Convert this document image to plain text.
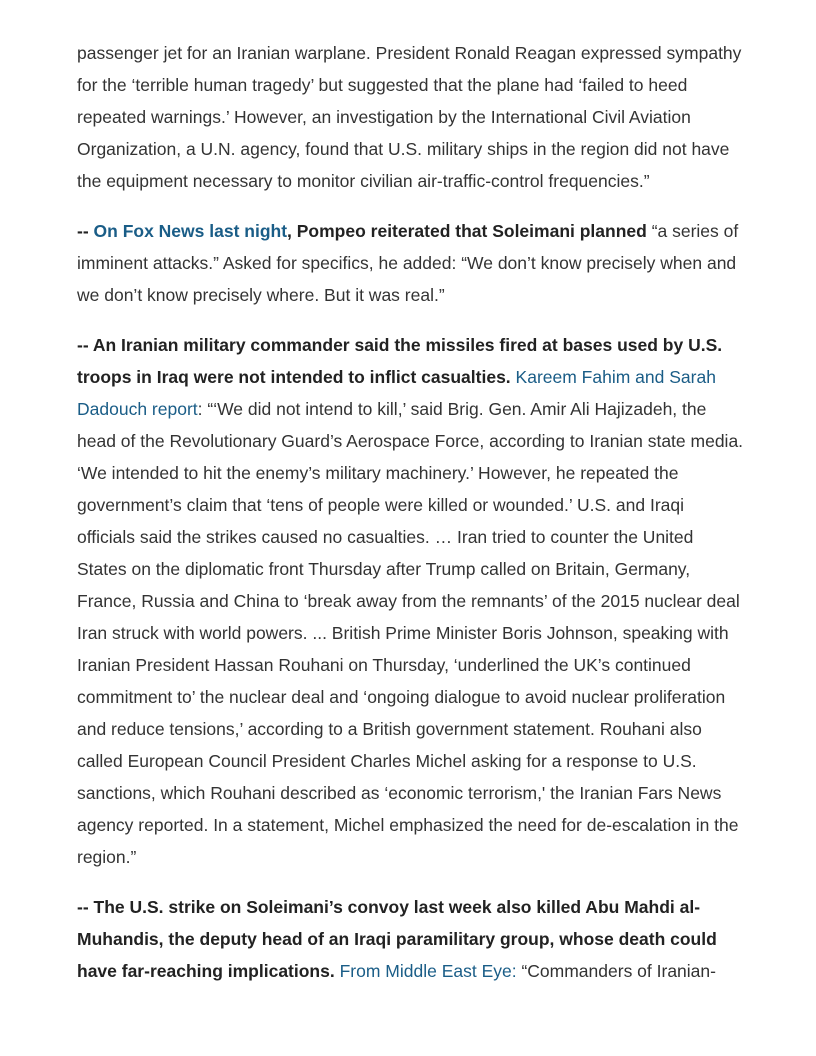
passenger jet for an Iranian warplane. President Ronald Reagan expressed sympathy for the ‘terrible human tragedy’ but suggested that the plane had ‘failed to heed repeated warnings.’ However, an investigation by the International Civil Aviation Organization, a U.N. agency, found that U.S. military ships in the region did not have the equipment necessary to monitor civilian air-traffic-control frequencies.”

-- On Fox News last night, Pompeo reiterated that Soleimani planned “a series of imminent attacks.” Asked for specifics, he added: “We don’t know precisely when and we don’t know precisely where. But it was real.”

-- An Iranian military commander said the missiles fired at bases used by U.S. troops in Iraq were not intended to inflict casualties. Kareem Fahim and Sarah Dadouch report: “‘We did not intend to kill,’ said Brig. Gen. Amir Ali Hajizadeh, the head of the Revolutionary Guard’s Aerospace Force, according to Iranian state media. ‘We intended to hit the enemy’s military machinery.’ However, he repeated the government’s claim that ‘tens of people were killed or wounded.’ U.S. and Iraqi officials said the strikes caused no casualties. … Iran tried to counter the United States on the diplomatic front Thursday after Trump called on Britain, Germany, France, Russia and China to ‘break away from the remnants’ of the 2015 nuclear deal Iran struck with world powers. ... British Prime Minister Boris Johnson, speaking with Iranian President Hassan Rouhani on Thursday, ‘underlined the UK’s continued commitment to’ the nuclear deal and ‘ongoing dialogue to avoid nuclear proliferation and reduce tensions,’ according to a British government statement. Rouhani also called European Council President Charles Michel asking for a response to U.S. sanctions, which Rouhani described as ‘economic terrorism,' the Iranian Fars News agency reported. In a statement, Michel emphasized the need for de-escalation in the region.”

-- The U.S. strike on Soleimani’s convoy last week also killed Abu Mahdi al-Muhandis, the deputy head of an Iraqi paramilitary group, whose death could have far-reaching implications. From Middle East Eye: “Commanders of Iranian-
